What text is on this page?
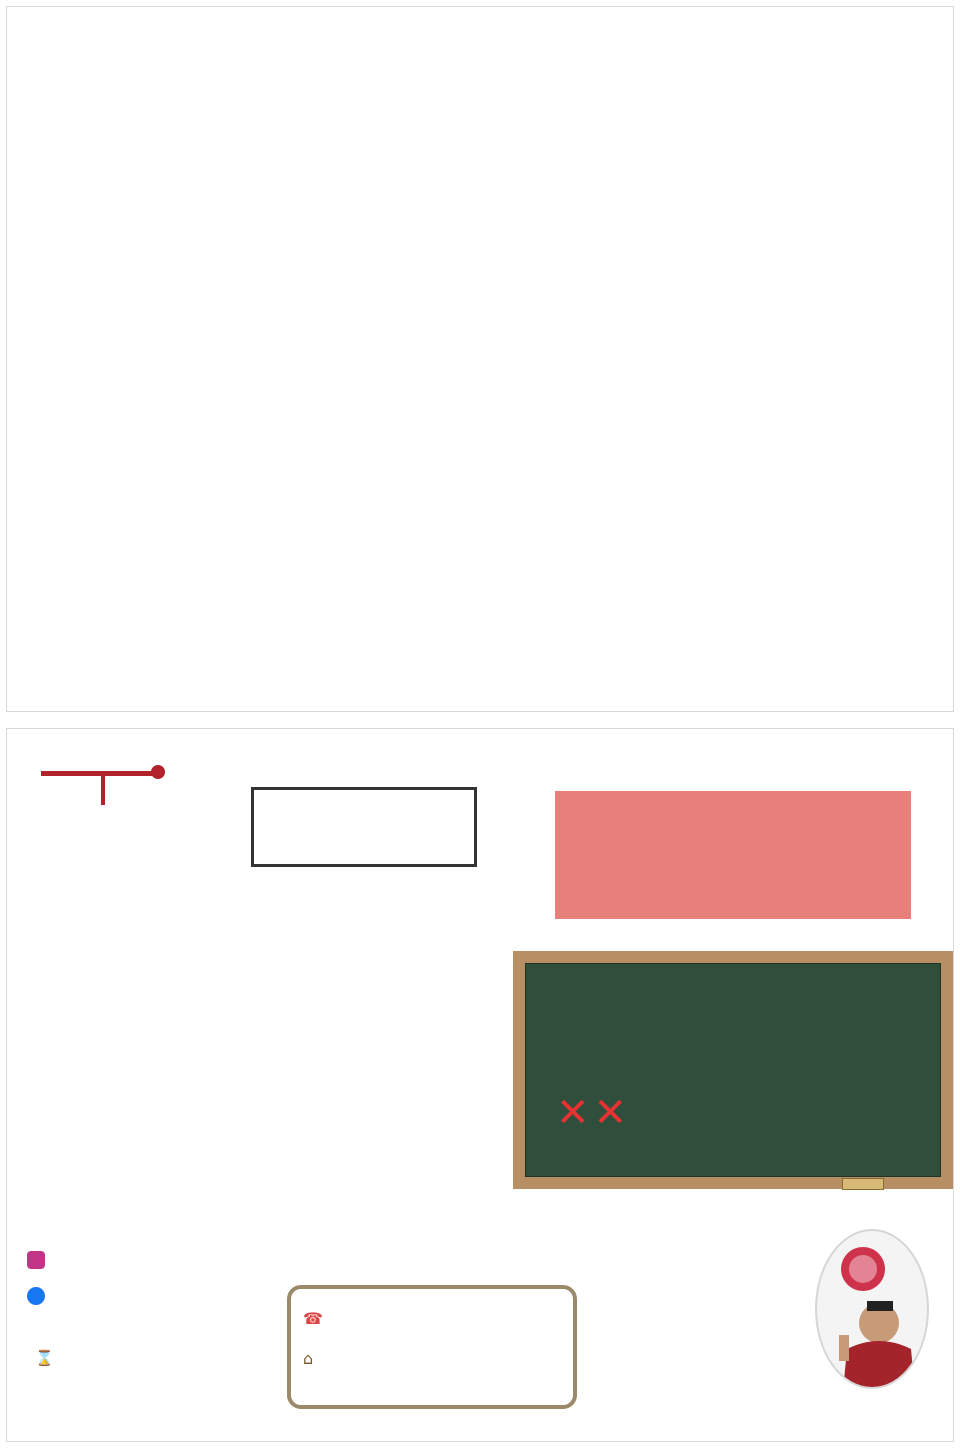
✕✕
⌛
☎
⌂
